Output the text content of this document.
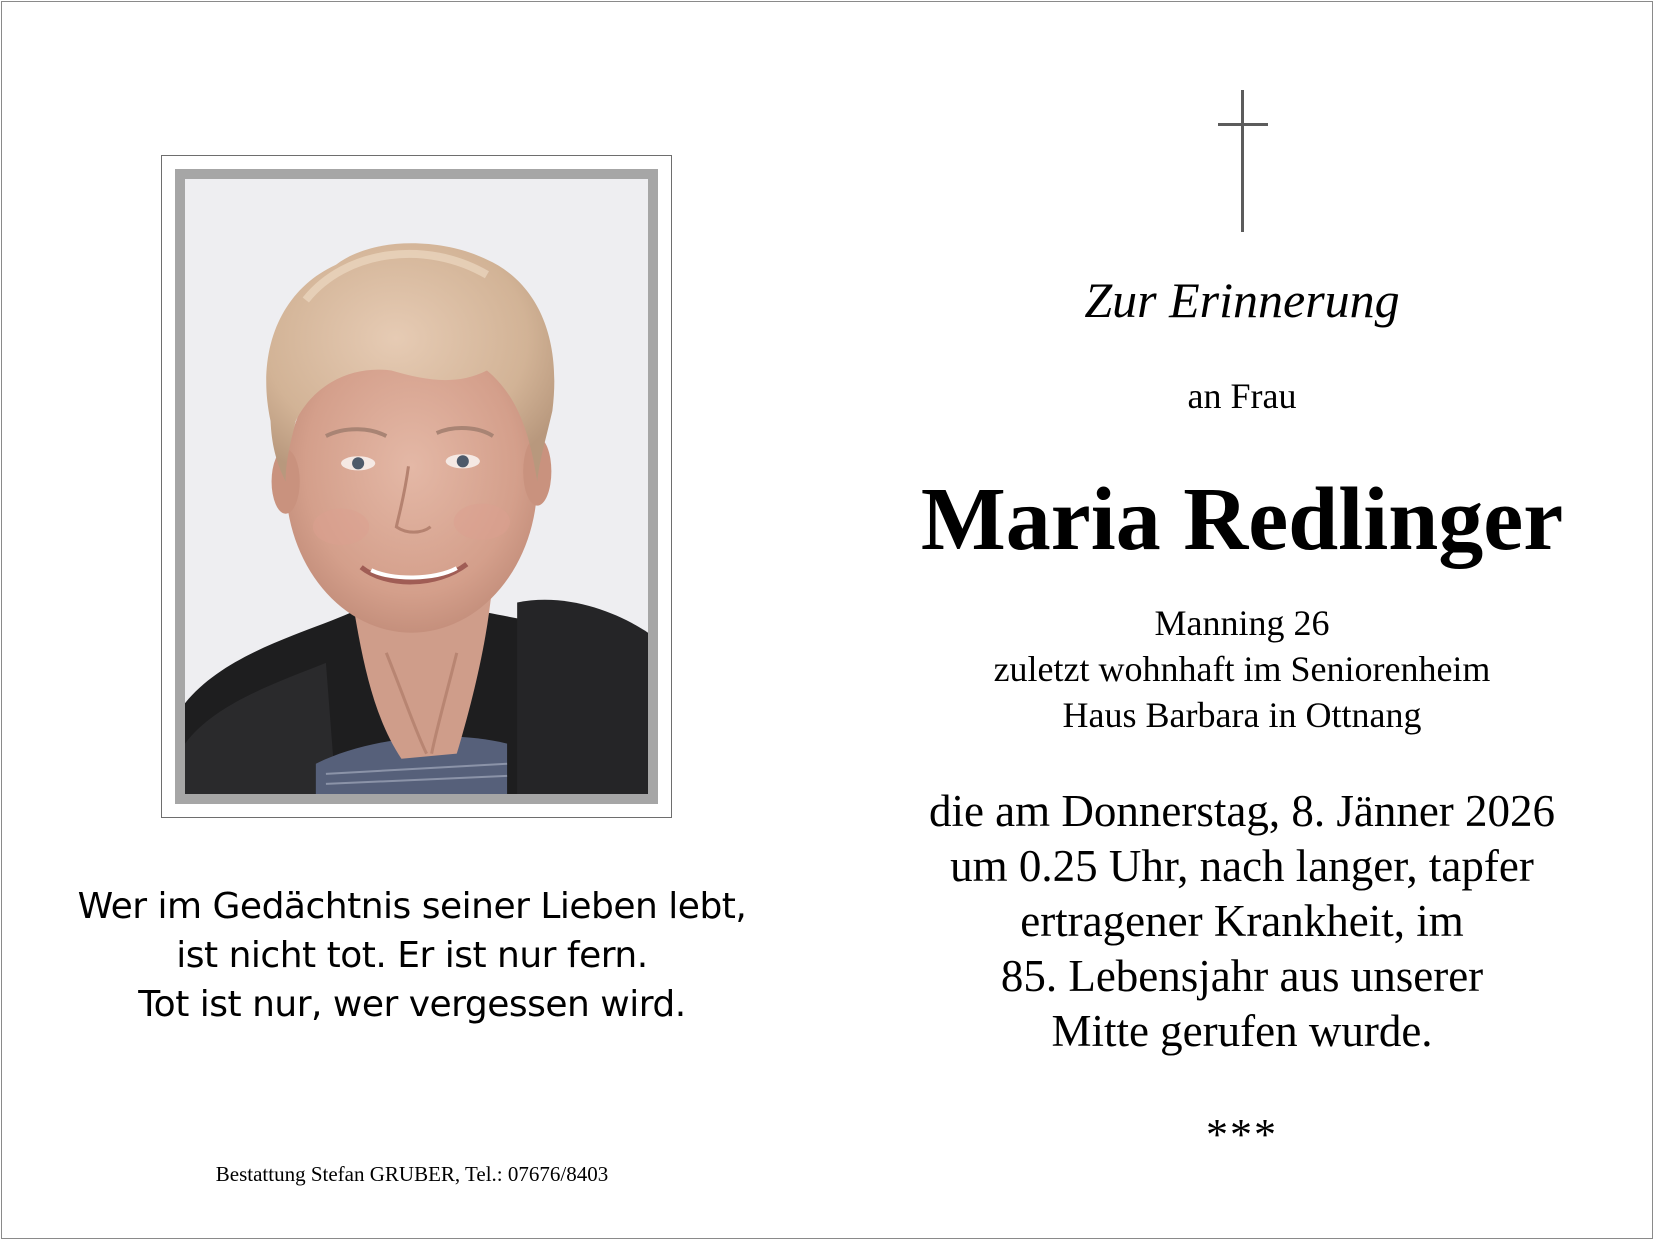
Wer im Gedächtnis seiner Lieben lebt,
ist nicht tot. Er ist nur fern.
Tot ist nur, wer vergessen wird.
Bestattung Stefan GRUBER, Tel.: 07676/8403
Zur Erinnerung
an Frau
Maria Redlinger
Manning 26
zuletzt wohnhaft im Seniorenheim
Haus Barbara in Ottnang
die am Donnerstag, 8. Jänner 2026
um 0.25 Uhr, nach langer, tapfer
ertragener Krankheit, im
85. Lebensjahr aus unserer
Mitte gerufen wurde.
***
